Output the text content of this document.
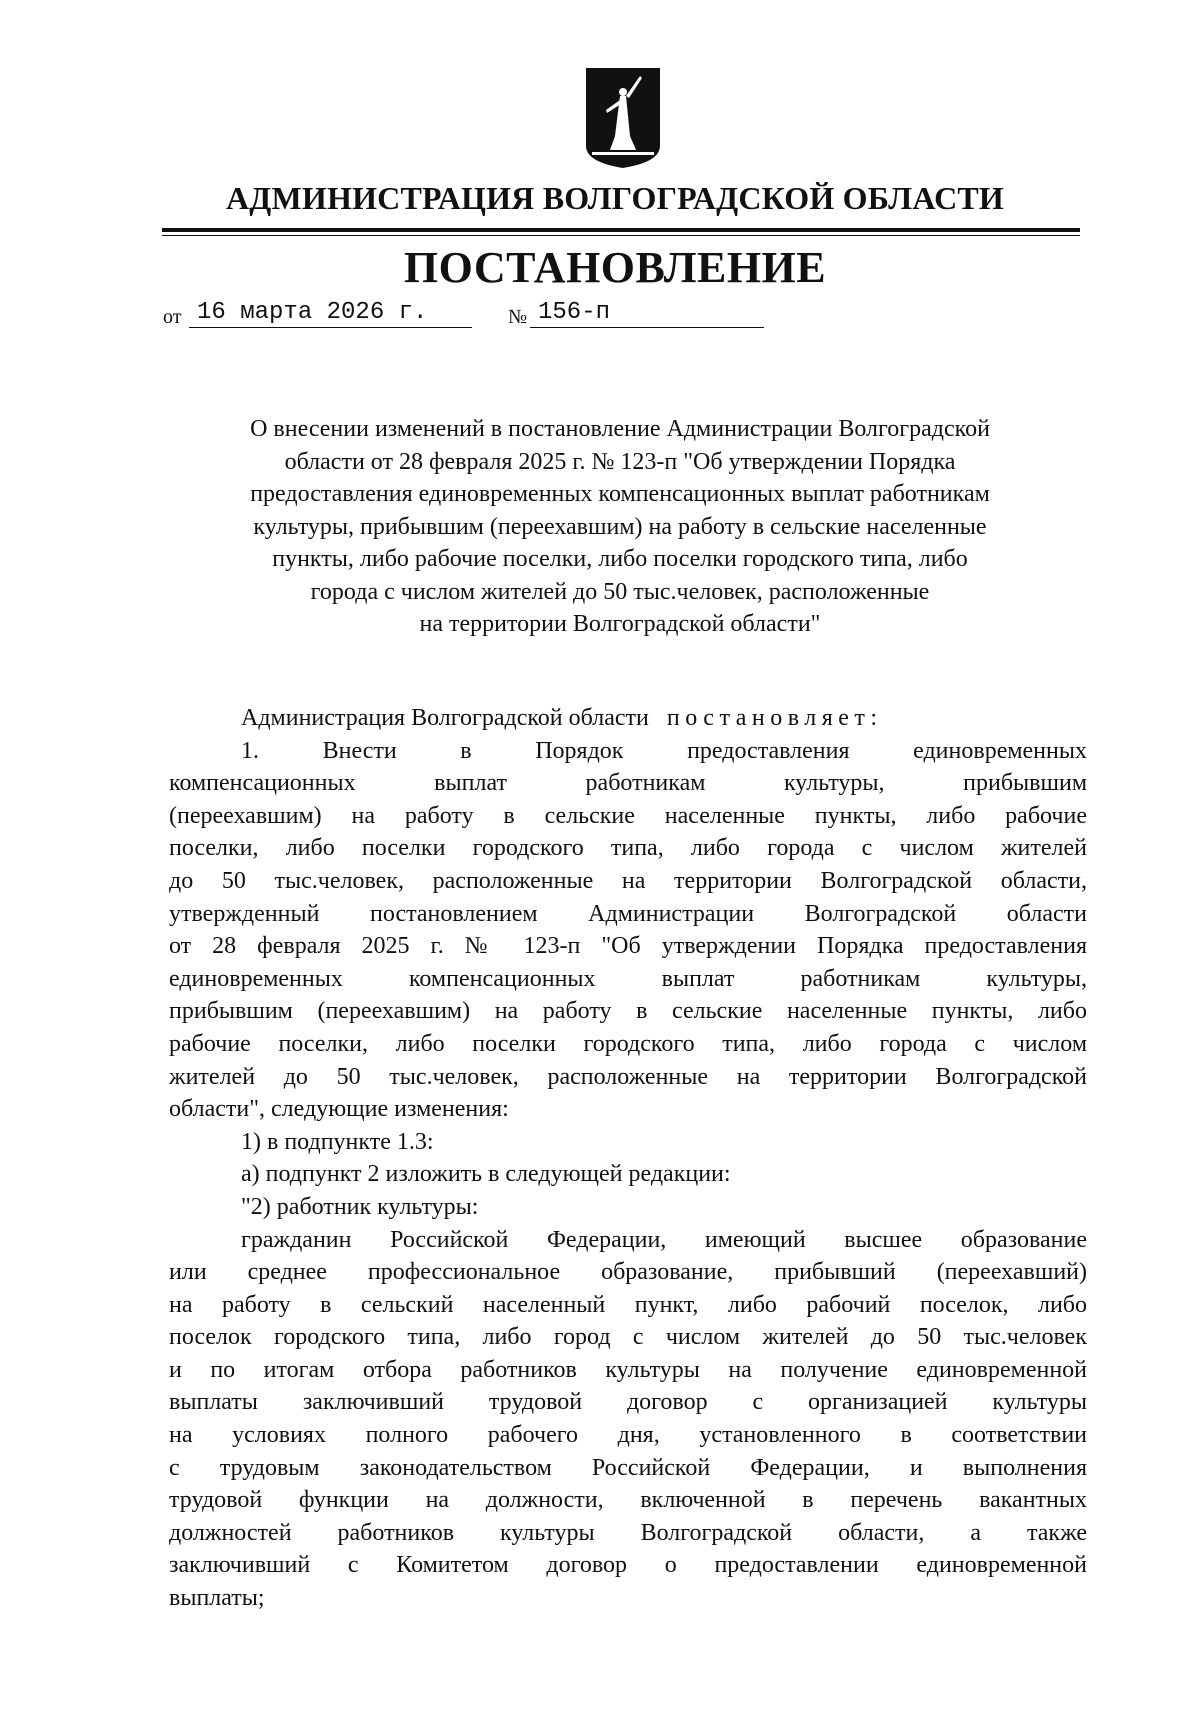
АДМИНИСТРАЦИЯ ВОЛГОГРАДСКОЙ ОБЛАСТИ
ПОСТАНОВЛЕНИЕ
от 16 марта 2026 г.	№ 156-п
О внесении изменений в постановление Администрации Волгоградской
области от 28 февраля 2025 г. № 123-п "Об утверждении Порядка
предоставления единовременных компенсационных выплат работникам
культуры, прибывшим (переехавшим) на работу в сельские населенные
пункты, либо рабочие поселки, либо поселки городского типа, либо
города с числом жителей до 50 тыс.человек, расположенные
на территории Волгоградской области"
Администрация Волгоградской области постановляет:
1. Внести в Порядок предоставления единовременных
компенсационных выплат работникам культуры, прибывшим
(переехавшим) на работу в сельские населенные пункты, либо рабочие
поселки, либо поселки городского типа, либо города с числом жителей
до 50 тыс.человек, расположенные на территории Волгоградской области,
утвержденный постановлением Администрации Волгоградской области
от 28 февраля 2025 г. № 123-п "Об утверждении Порядка предоставления
единовременных компенсационных выплат работникам культуры,
прибывшим (переехавшим) на работу в сельские населенные пункты, либо
рабочие поселки, либо поселки городского типа, либо города с числом
жителей до 50 тыс.человек, расположенные на территории Волгоградской
области", следующие изменения:
1) в подпункте 1.3:
а) подпункт 2 изложить в следующей редакции:
"2) работник культуры:
гражданин Российской Федерации, имеющий высшее образование
или среднее профессиональное образование, прибывший (переехавший)
на работу в сельский населенный пункт, либо рабочий поселок, либо
поселок городского типа, либо город с числом жителей до 50 тыс.человек
и по итогам отбора работников культуры на получение единовременной
выплаты заключивший трудовой договор с организацией культуры
на условиях полного рабочего дня, установленного в соответствии
с трудовым законодательством Российской Федерации, и выполнения
трудовой функции на должности, включенной в перечень вакантных
должностей работников культуры Волгоградской области, а также
заключивший с Комитетом договор о предоставлении единовременной
выплаты;
